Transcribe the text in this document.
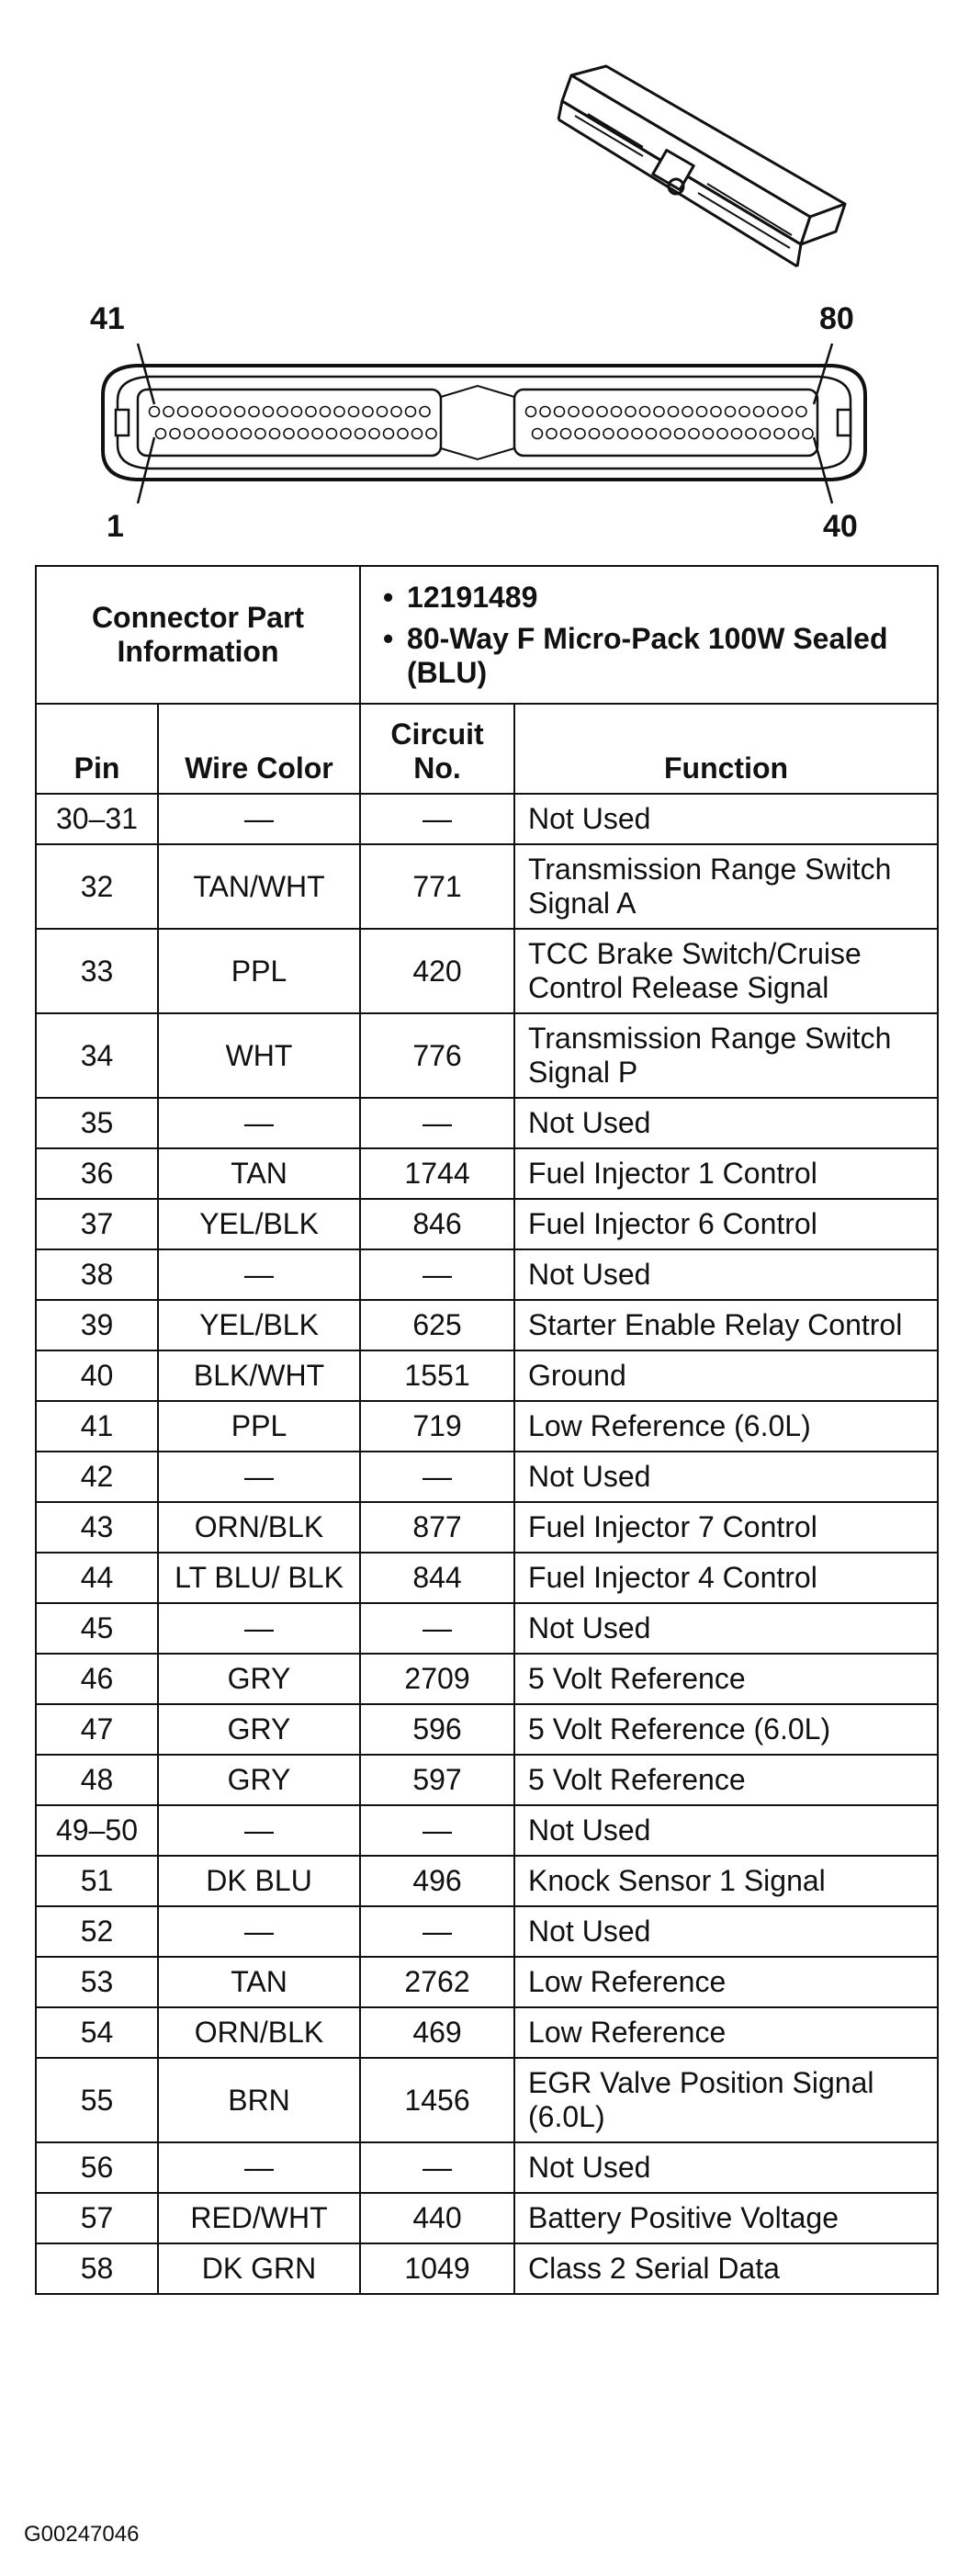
41	80
1	40
Connector Part Information		• 12191489
• 80-Way F Micro-Pack 100W Sealed (BLU)	

Pin	Wire Color	Circuit No.	Function
30–31	—	—	Not Used
32	TAN/WHT	771	Transmission Range Switch Signal A
33	PPL	420	TCC Brake Switch/Cruise Control Release Signal
34	WHT	776	Transmission Range Switch Signal P
35	—	—	Not Used
36	TAN	1744	Fuel Injector 1 Control
37	YEL/BLK	846	Fuel Injector 6 Control
38	—	—	Not Used
39	YEL/BLK	625	Starter Enable Relay Control
40	BLK/WHT	1551	Ground
41	PPL	719	Low Reference (6.0L)
42	—	—	Not Used
43	ORN/BLK	877	Fuel Injector 7 Control
44	LT BLU/ BLK	844	Fuel Injector 4 Control
45	—	—	Not Used
46	GRY	2709	5 Volt Reference
47	GRY	596	5 Volt Reference (6.0L)
48	GRY	597	5 Volt Reference
49–50	—	—	Not Used
51	DK BLU	496	Knock Sensor 1 Signal
52	—	—	Not Used
53	TAN	2762	Low Reference
54	ORN/BLK	469	Low Reference
55	BRN	1456	EGR Valve Position Signal (6.0L)
56	—	—	Not Used
57	RED/WHT	440	Battery Positive Voltage
58	DK GRN	1049	Class 2 Serial Data
G00247046
